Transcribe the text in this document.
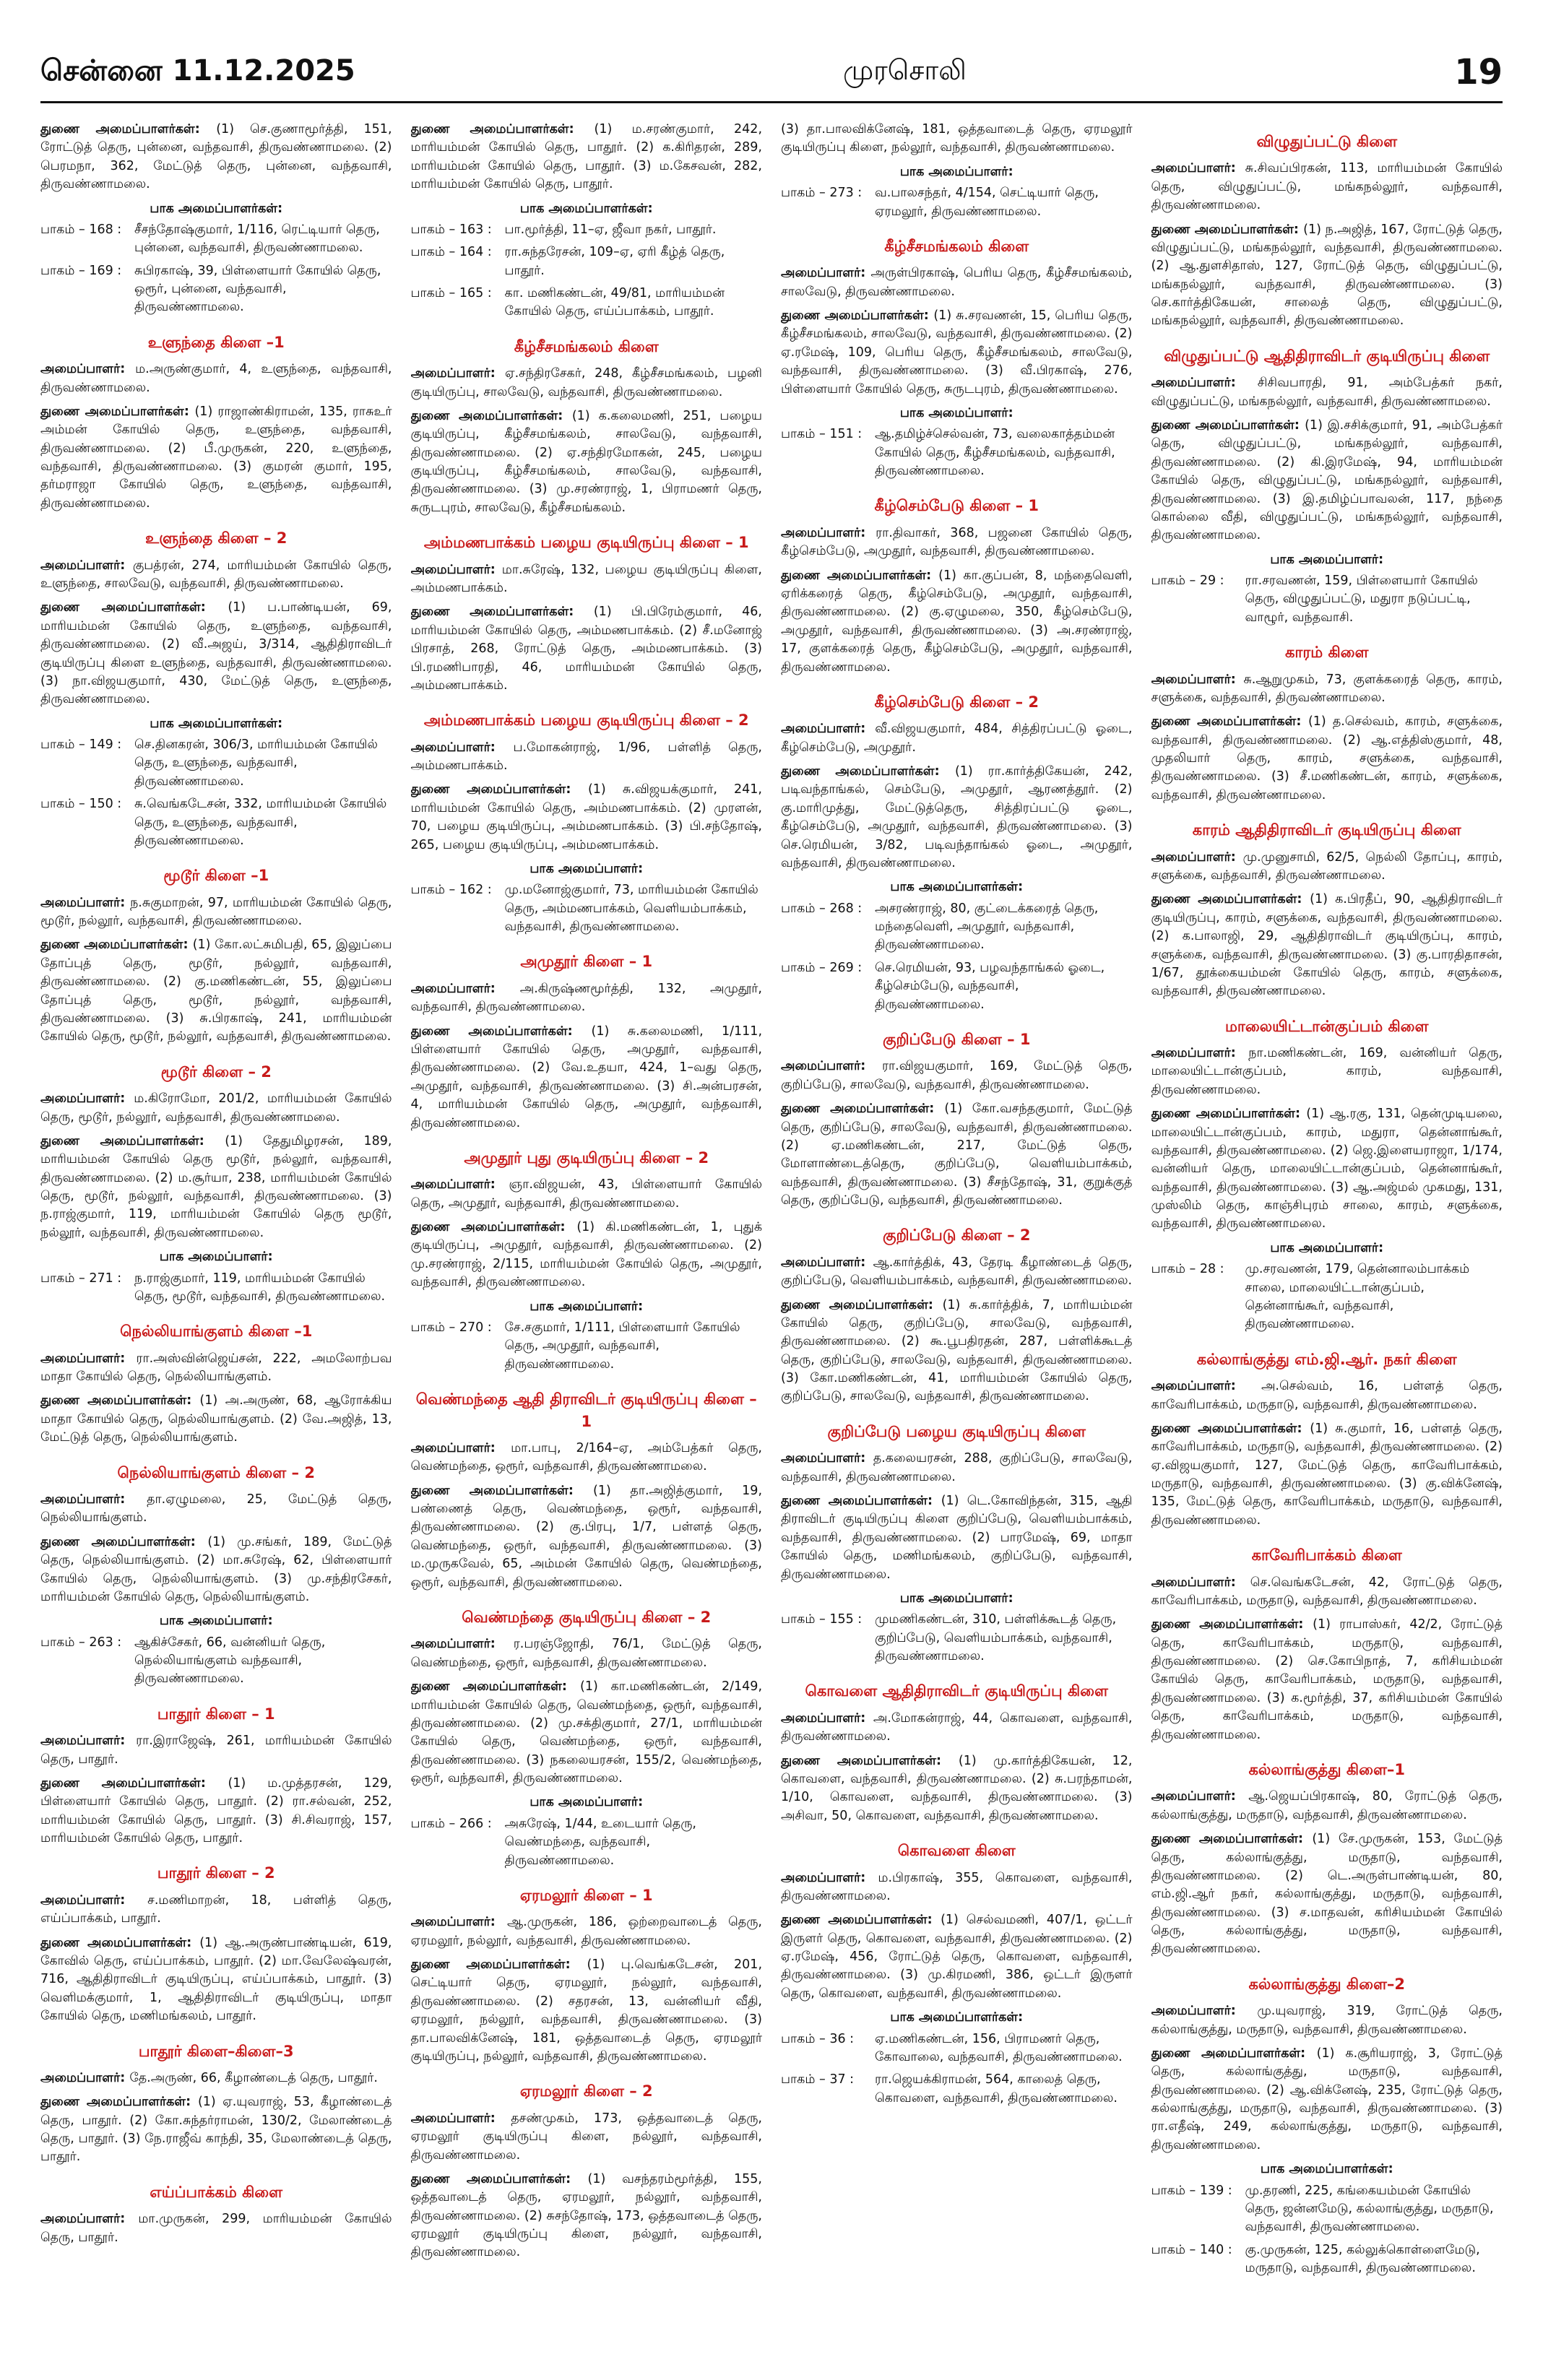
சென்னை 11.12.2025	முரசொலி	19

துணை அமைப்பாளர்கள்: (1) செ.குணாமூர்த்தி, 151, ரோட்டுத் தெரு, புன்னை, வந்தவாசி, திருவண்ணாமலை. (2) பெரமநா, 362, மேட்டுத் தெரு, புன்னை, வந்தவாசி, திருவண்ணாமலை.

பாக அமைப்பாளர்கள்:
பாகம் – 168 :	சீசந்தோஷ்குமார், 1/116, ரெட்டியார் தெரு, புன்னை, வந்தவாசி, திருவண்ணாமலை.
பாகம் – 169 :	சுபிரகாஷ், 39, பிள்ளையார் கோயில் தெரு, ஒரூர், புன்னை, வந்தவாசி, திருவண்ணாமலை.
உளுந்தை கிளை –1

அமைப்பாளர்: ம.அருண்குமார், 4, உளுந்தை, வந்தவாசி, திருவண்ணாமலை.

துணை அமைப்பாளர்கள்: (1) ராஜாண்கிராமன், 135, ராசுஉர் அம்மன் கோயில் தெரு, உளுந்தை, வந்தவாசி, திருவண்ணாமலை. (2) பீ.முருகன், 220, உளுந்தை, வந்தவாசி, திருவண்ணாமலை. (3) குமரன் குமார், 195, தர்மராஜா கோயில் தெரு, உளுந்தை, வந்தவாசி, திருவண்ணாமலை.

உளுந்தை கிளை – 2

அமைப்பாளர்: குபத்ரன், 274, மாரியம்மன் கோயில் தெரு, உளுந்தை, சாலவேடு, வந்தவாசி, திருவண்ணாமலை.

துணை அமைப்பாளர்கள்: (1) ப.பாண்டியன், 69, மாரியம்மன் கோயில் தெரு, உளுந்தை, வந்தவாசி, திருவண்ணாமலை. (2) வீ.அஜய், 3/314, ஆதிதிராவிடர் குடியிருப்பு கிளை உளுந்தை, வந்தவாசி, திருவண்ணாமலை. (3) நா.விஜயகுமார், 430, மேட்டுத் தெரு, உளுந்தை, திருவண்ணாமலை.

பாக அமைப்பாளர்கள்:
பாகம் – 149 :	செ.தினகரன், 306/3, மாரியம்மன் கோயில் தெரு, உளுந்தை, வந்தவாசி, திருவண்ணாமலை.
பாகம் – 150 :	சு.வெங்கடேசன், 332, மாரியம்மன் கோயில் தெரு, உளுந்தை, வந்தவாசி, திருவண்ணாமலை.
மூடூர் கிளை –1

அமைப்பாளர்: ந.சுகுமாறன், 97, மாரியம்மன் கோயில் தெரு, மூடூர், நல்லூர், வந்தவாசி, திருவண்ணாமலை.

துணை அமைப்பாளர்கள்: (1) கோ.லட்சுமிபதி, 65, இலுப்பை தோப்புத் தெரு, மூடூர், நல்லூர், வந்தவாசி, திருவண்ணாமலை. (2) கு.மணிகண்டன், 55, இலுப்பை தோப்புத் தெரு, மூடூர், நல்லூர், வந்தவாசி, திருவண்ணாமலை. (3) சு.பிரகாஷ், 241, மாரியம்மன் கோயில் தெரு, மூடூர், நல்லூர், வந்தவாசி, திருவண்ணாமலை.

மூடூர் கிளை – 2

அமைப்பாளர்: ம.கிரோமோ, 201/2, மாரியம்மன் கோயில் தெரு, மூடூர், நல்லூர், வந்தவாசி, திருவண்ணாமலை.

துணை அமைப்பாளர்கள்: (1) தேதுமிழரசன், 189, மாரியம்மன் கோயில் தெரு மூடூர், நல்லூர், வந்தவாசி, திருவண்ணாமலை. (2) ம.சூர்யா, 238, மாரியம்மன் கோயில் தெரு, மூடூர், நல்லூர், வந்தவாசி, திருவண்ணாமலை. (3) ந.ராஜ்குமார், 119, மாரியம்மன் கோயில் தெரு மூடூர், நல்லூர், வந்தவாசி, திருவண்ணாமலை.

பாக அமைப்பாளர்:
பாகம் – 271 :	ந.ராஜ்குமார், 119, மாரியம்மன் கோயில் தெரு, மூடூர், வந்தவாசி, திருவண்ணாமலை.
நெல்லியாங்குளம் கிளை –1

அமைப்பாளர்: ரா.அஸ்வின்ஜெய்சன், 222, அமலோற்பவ மாதா கோயில் தெரு, நெல்லியாங்குளம்.

துணை அமைப்பாளர்கள்: (1) அ.அருண், 68, ஆரோக்கிய மாதா கோயில் தெரு, நெல்லியாங்குளம். (2) வே.அஜித், 13, மேட்டுத் தெரு, நெல்லியாங்குளம்.

நெல்லியாங்குளம் கிளை – 2

அமைப்பாளர்: தா.ஏழுமலை, 25, மேட்டுத் தெரு, நெல்லியாங்குளம்.

துணை அமைப்பாளர்கள்: (1) மு.சங்கர், 189, மேட்டுத் தெரு, நெல்லியாங்குளம். (2) மா.சுரேஷ், 62, பிள்ளையார் கோயில் தெரு, நெல்லியாங்குளம். (3) மு.சந்திரசேகர், மாரியம்மன் கோயில் தெரு, நெல்லியாங்குளம்.

பாக அமைப்பாளர்:
பாகம் – 263 :	ஆகிச்சேகர், 66, வன்னியர் தெரு, நெல்லியாங்குளம் வந்தவாசி, திருவண்ணாமலை.
பாதூர் கிளை – 1

அமைப்பாளர்: ரா.இராஜேஷ், 261, மாரியம்மன் கோயில் தெரு, பாதூர்.

துணை அமைப்பாளர்கள்: (1) ம.முத்தரசன், 129, பிள்ளையார் கோயில் தெரு, பாதூர். (2) ரா.சல்வன், 252, மாரியம்மன் கோயில் தெரு, பாதூர். (3) சி.சிவராஜ், 157, மாரியம்மன் கோயில் தெரு, பாதூர்.

பாதூர் கிளை – 2

அமைப்பாளர்: ச.மணிமாறன், 18, பள்ளித் தெரு, எய்ப்பாக்கம், பாதூர்.

துணை அமைப்பாளர்கள்: (1) ஆ.அருண்பாண்டியன், 619, கோவில் தெரு, எய்ப்பாக்கம், பாதூர். (2) மா.வேலேஷ்வரன், 716, ஆதிதிராவிடர் குடியிருப்பு, எய்ப்பாக்கம், பாதூர். (3) வெளிமக்குமார், 1, ஆதிதிராவிடர் குடியிருப்பு, மாதா கோயில் தெரு, மணிமங்கலம், பாதூர்.

பாதூர் கிளை–கிளை–3

அமைப்பாளர்: தே.அருண், 66, கீழாண்டைத் தெரு, பாதூர்.

துணை அமைப்பாளர்கள்: (1) ஏ.யுவராஜ், 53, கீழாண்டைத் தெரு, பாதூர். (2) கோ.சுந்தர்ராமன், 130/2, மேலாண்டைத் தெரு, பாதூர். (3) நே.ராஜீவ் காந்தி, 35, மேலாண்டைத் தெரு, பாதூர்.

எய்ப்பாக்கம் கிளை

அமைப்பாளர்: மா.முருகன், 299, மாரியம்மன் கோயில் தெரு, பாதூர்.

துணை அமைப்பாளர்கள்: (1) ம.சரண்குமார், 242, மாரியம்மன் கோயில் தெரு, பாதூர். (2) க.கிரிதரன், 289, மாரியம்மன் கோயில் தெரு, பாதூர். (3) ம.கேசவன், 282, மாரியம்மன் கோயில் தெரு, பாதூர்.

பாக அமைப்பாளர்கள்:
பாகம் – 163 :	பா.மூர்த்தி, 11–ஏ, ஜீவா நகர், பாதூர்.
பாகம் – 164 :	ரா.சுந்தரேசன், 109–ஏ, ஏரி கீழ்த் தெரு, பாதூர்.
பாகம் – 165 :	கா. மணிகண்டன், 49/81, மாரியம்மன் கோயில் தெரு, எய்ப்பாக்கம், பாதூர்.
கீழ்சீசமங்கலம் கிளை

அமைப்பாளர்: ஏ.சந்திரசேகர், 248, கீழ்சீசமங்கலம், பழனி குடியிருப்பு, சாலவேடு, வந்தவாசி, திருவண்ணாமலை.

துணை அமைப்பாளர்கள்: (1) க.கலைமணி, 251, பழைய குடியிருப்பு, கீழ்சீசமங்கலம், சாலவேடு, வந்தவாசி, திருவண்ணாமலை. (2) ஏ.சந்திரமோகன், 245, பழைய குடியிருப்பு, கீழ்சீசமங்கலம், சாலவேடு, வந்தவாசி, திருவண்ணாமலை. (3) மு.சரண்ராஜ், 1, பிராமணர் தெரு, சுருடபுரம், சாலவேடு, கீழ்சீசமங்கலம்.

அம்மணபாக்கம் பழைய குடியிருப்பு கிளை – 1

அமைப்பாளர்: மா.சுரேஷ், 132, பழைய குடியிருப்பு கிளை, அம்மணபாக்கம்.

துணை அமைப்பாளர்கள்: (1) பி.பிரேம்குமார், 46, மாரியம்மன் கோயில் தெரு, அம்மணபாக்கம். (2) சீ.மனோஜ் பிரசாத், 268, ரோட்டுத் தெரு, அம்மணபாக்கம். (3) பி.ரமணிபாரதி, 46, மாரியம்மன் கோயில் தெரு, அம்மணபாக்கம்.

அம்மணபாக்கம் பழைய குடியிருப்பு கிளை – 2

அமைப்பாளர்: ப.மோகன்ராஜ், 1/96, பள்ளித் தெரு, அம்மணபாக்கம்.

துணை அமைப்பாளர்கள்: (1) சு.விஜயக்குமார், 241, மாரியம்மன் கோயில் தெரு, அம்மணபாக்கம். (2) முரளன், 70, பழைய குடியிருப்பு, அம்மணபாக்கம். (3) பி.சந்தோஷ், 265, பழைய குடியிருப்பு, அம்மணபாக்கம்.

பாக அமைப்பாளர்:
பாகம் – 162 :	மு.மனோஜ்குமார், 73, மாரியம்மன் கோயில் தெரு, அம்மணபாக்கம், வெளியம்பாக்கம், வந்தவாசி, திருவண்ணாமலை.
அமுதூர் கிளை – 1

அமைப்பாளர்: அ.கிருஷ்ணமூர்த்தி, 132, அமுதூர், வந்தவாசி, திருவண்ணாமலை.

துணை அமைப்பாளர்கள்: (1) சு.கலைமணி, 1/111, பிள்ளையார் கோயில் தெரு, அமுதூர், வந்தவாசி, திருவண்ணாமலை. (2) வே.உதயா, 424, 1–வது தெரு, அமுதூர், வந்தவாசி, திருவண்ணாமலை. (3) சி.அன்பரசன், 4, மாரியம்மன் கோயில் தெரு, அமுதூர், வந்தவாசி, திருவண்ணாமலை.

அமுதூர் புது குடியிருப்பு கிளை – 2

அமைப்பாளர்: ஞா.விஜயன், 43, பிள்ளையார் கோயில் தெரு, அமுதூர், வந்தவாசி, திருவண்ணாமலை.

துணை அமைப்பாளர்கள்: (1) கி.மணிகண்டன், 1, புதுக் குடியிருப்பு, அமுதூர், வந்தவாசி, திருவண்ணாமலை. (2) மு.சரண்ராஜ், 2/115, மாரியம்மன் கோயில் தெரு, அமுதூர், வந்தவாசி, திருவண்ணாமலை.

பாக அமைப்பாளர்:
பாகம் – 270 :	சே.சகுமார், 1/111, பிள்ளையார் கோயில் தெரு, அமுதூர், வந்தவாசி, திருவண்ணாமலை.
வெண்மந்தை ஆதி திராவிடர் குடியிருப்பு கிளை –1

அமைப்பாளர்: மா.பாபு, 2/164–ஏ, அம்பேத்கர் தெரு, வெண்மந்தை, ஒரூர், வந்தவாசி, திருவண்ணாமலை.

துணை அமைப்பாளர்கள்: (1) தா.அஜித்குமார், 19, பண்ணைத் தெரு, வெண்மந்தை, ஒரூர், வந்தவாசி, திருவண்ணாமலை. (2) கு.பிரபு, 1/7, பள்ளத் தெரு, வெண்மந்தை, ஒரூர், வந்தவாசி, திருவண்ணாமலை. (3) ம.முருகவேல், 65, அம்மன் கோயில் தெரு, வெண்மந்தை, ஒரூர், வந்தவாசி, திருவண்ணாமலை.

வெண்மந்தை குடியிருப்பு கிளை – 2

அமைப்பாளர்: ர.பரஞ்ஜோதி, 76/1, மேட்டுத் தெரு, வெண்மந்தை, ஒரூர், வந்தவாசி, திருவண்ணாமலை.

துணை அமைப்பாளர்கள்: (1) கா.மணிகண்டன், 2/149, மாரியம்மன் கோயில் தெரு, வெண்மந்தை, ஒரூர், வந்தவாசி, திருவண்ணாமலை. (2) மு.சக்திகுமார், 27/1, மாரியம்மன் கோயில் தெரு, வெண்மந்தை, ஒரூர், வந்தவாசி, திருவண்ணாமலை. (3) நகலையரசன், 155/2, வெண்மந்தை, ஒரூர், வந்தவாசி, திருவண்ணாமலை.

பாக அமைப்பாளர்:
பாகம் – 266 :	அசுரேஷ், 1/44, உடையார் தெரு, வெண்மந்தை, வந்தவாசி, திருவண்ணாமலை.
ஏரமலூர் கிளை – 1

அமைப்பாளர்: ஆ.முருகன், 186, ஒற்றைவாடைத் தெரு, ஏரமலூர், நல்லூர், வந்தவாசி, திருவண்ணாமலை.

துணை அமைப்பாளர்கள்: (1) பு.வெங்கடேசன், 201, செட்டியார் தெரு, ஏரமலூர், நல்லூர், வந்தவாசி, திருவண்ணாமலை. (2) சதரசன், 13, வன்னியர் வீதி, ஏரமலூர், நல்லூர், வந்தவாசி, திருவண்ணாமலை. (3) தா.பாலவிக்னேஷ், 181, ஒத்தவாடைத் தெரு, ஏரமலூர் குடியிருப்பு, நல்லூர், வந்தவாசி, திருவண்ணாமலை.

ஏரமலூர் கிளை – 2

அமைப்பாளர்: தசண்முகம், 173, ஒத்தவாடைத் தெரு, ஏரமலூர் குடியிருப்பு கிளை, நல்லூர், வந்தவாசி, திருவண்ணாமலை.

துணை அமைப்பாளர்கள்: (1) வசந்தரம்மூர்த்தி, 155, ஒத்தவாடைத் தெரு, ஏரமலூர், நல்லூர், வந்தவாசி, திருவண்ணாமலை. (2) சுசந்தோஷ், 173, ஒத்தவாடைத் தெரு, ஏரமலூர் குடியிருப்பு கிளை, நல்லூர், வந்தவாசி, திருவண்ணாமலை.

(3) தா.பாலவிக்னேஷ், 181, ஒத்தவாடைத் தெரு, ஏரமலூர் குடியிருப்பு கிளை, நல்லூர், வந்தவாசி, திருவண்ணாமலை.

பாக அமைப்பாளர்:
பாகம் – 273 :	வ.பாலசந்தர், 4/154, செட்டியார் தெரு, ஏரமலூர், திருவண்ணாமலை.
கீழ்சீசமங்கலம் கிளை

அமைப்பாளர்: அருள்பிரகாஷ், பெரிய தெரு, கீழ்சீசமங்கலம், சாலவேடு, திருவண்ணாமலை.

துணை அமைப்பாளர்கள்: (1) சு.சரவணன், 15, பெரிய தெரு, கீழ்சீசமங்கலம், சாலவேடு, வந்தவாசி, திருவண்ணாமலை. (2) ஏ.ரமேஷ், 109, பெரிய தெரு, கீழ்சீசமங்கலம், சாலவேடு, வந்தவாசி, திருவண்ணாமலை. (3) வீ.பிரகாஷ், 276, பிள்ளையார் கோயில் தெரு, சுருடபுரம், திருவண்ணாமலை.

பாக அமைப்பாளர்:
பாகம் – 151 :	ஆ.தமிழ்ச்செல்வன், 73, வலைகாத்தம்மன் கோயில் தெரு, கீழ்சீசமங்கலம், வந்தவாசி, திருவண்ணாமலை.
கீழ்செம்பேடு கிளை – 1

அமைப்பாளர்: ரா.திவாகர், 368, பஜனை கோயில் தெரு, கீழ்செம்பேடு, அமுதூர், வந்தவாசி, திருவண்ணாமலை.

துணை அமைப்பாளர்கள்: (1) கா.குப்பன், 8, மந்தைவெளி, ஏரிக்கரைத் தெரு, கீழ்செம்பேடு, அமுதூர், வந்தவாசி, திருவண்ணாமலை. (2) கு.ஏழுமலை, 350, கீழ்செம்பேடு, அமுதூர், வந்தவாசி, திருவண்ணாமலை. (3) அ.சரண்ராஜ், 17, குளக்கரைத் தெரு, கீழ்செம்பேடு, அமுதூர், வந்தவாசி, திருவண்ணாமலை.

கீழ்செம்பேடு கிளை – 2

அமைப்பாளர்: வீ.விஜயகுமார், 484, சித்திரப்பட்டு ஓடை, கீழ்செம்பேடு, அமுதூர்.

துணை அமைப்பாளர்கள்: (1) ரா.கார்த்திகேயன், 242, படிவந்தாங்கல், செம்பேடு, அமுதூர், ஆரணத்தூர். (2) கு.மாரிமுத்து, மேட்டுத்தெரு, சித்திரப்பட்டு ஓடை, கீழ்செம்பேடு, அமுதூர், வந்தவாசி, திருவண்ணாமலை. (3) செ.ரெமியன், 3/82, படிவந்தாங்கல் ஓடை, அமுதூர், வந்தவாசி, திருவண்ணாமலை.

பாக அமைப்பாளர்கள்:
பாகம் – 268 :	அசரண்ராஜ், 80, குட்டைக்கரைத் தெரு, மந்தைவெளி, அமுதூர், வந்தவாசி, திருவண்ணாமலை.
பாகம் – 269 :	செ.ரெமியன், 93, பழவந்தாங்கல் ஓடை, கீழ்செம்பேடு, வந்தவாசி, திருவண்ணாமலை.
குறிப்பேடு கிளை – 1

அமைப்பாளர்: ரா.விஜயகுமார், 169, மேட்டுத் தெரு, குறிப்பேடு, சாலவேடு, வந்தவாசி, திருவண்ணாமலை.

துணை அமைப்பாளர்கள்: (1) கோ.வசந்தகுமார், மேட்டுத் தெரு, குறிப்பேடு, சாலவேடு, வந்தவாசி, திருவண்ணாமலை. (2) ஏ.மணிகண்டன், 217, மேட்டுத் தெரு, மோளாண்டைத்தெரு, குறிப்பேடு, வெளியம்பாக்கம், வந்தவாசி, திருவண்ணாமலை. (3) சீசந்தோஷ், 31, குறுக்குத் தெரு, குறிப்பேடு, வந்தவாசி, திருவண்ணாமலை.

குறிப்பேடு கிளை – 2

அமைப்பாளர்: ஆ.கார்த்திக், 43, தேரடி கீழாண்டைத் தெரு, குறிப்பேடு, வெளியம்பாக்கம், வந்தவாசி, திருவண்ணாமலை.

துணை அமைப்பாளர்கள்: (1) சு.கார்த்திக், 7, மாரியம்மன் கோயில் தெரு, குறிப்பேடு, சாலவேடு, வந்தவாசி, திருவண்ணாமலை. (2) கூ.பூபதிரதன், 287, பள்ளிக்கூடத் தெரு, குறிப்பேடு, சாலவேடு, வந்தவாசி, திருவண்ணாமலை. (3) கோ.மணிகண்டன், 41, மாரியம்மன் கோயில் தெரு, குறிப்பேடு, சாலவேடு, வந்தவாசி, திருவண்ணாமலை.

குறிப்பேடு பழைய குடியிருப்பு கிளை

அமைப்பாளர்: த.கலையரசன், 288, குறிப்பேடு, சாலவேடு, வந்தவாசி, திருவண்ணாமலை.

துணை அமைப்பாளர்கள்: (1) டெ.கோவிந்தன், 315, ஆதி திராவிடர் குடியிருப்பு கிளை குறிப்பேடு, வெளியம்பாக்கம், வந்தவாசி, திருவண்ணாமலை. (2) பாரமேஷ், 69, மாதா கோயில் தெரு, மணிமங்கலம், குறிப்பேடு, வந்தவாசி, திருவண்ணாமலை.

பாக அமைப்பாளர்:
பாகம் – 155 :	முமணிகண்டன், 310, பள்ளிக்கூடத் தெரு, குறிப்பேடு, வெளியம்பாக்கம், வந்தவாசி, திருவண்ணாமலை.
கொவளை ஆதிதிராவிடர் குடியிருப்பு கிளை

அமைப்பாளர்: அ.மோகன்ராஜ், 44, கொவளை, வந்தவாசி, திருவண்ணாமலை.

துணை அமைப்பாளர்கள்: (1) மு.கார்த்திகேயன், 12, கொவளை, வந்தவாசி, திருவண்ணாமலை. (2) சு.பரந்தாமன், 1/10, கொவளை, வந்தவாசி, திருவண்ணாமலை. (3) அசிவா, 50, கொவளை, வந்தவாசி, திருவண்ணாமலை.

கொவளை கிளை

அமைப்பாளர்: ம.பிரகாஷ், 355, கொவளை, வந்தவாசி, திருவண்ணாமலை.

துணை அமைப்பாளர்கள்: (1) செல்வமணி, 407/1, ஒட்டர் இருளர் தெரு, கொவளை, வந்தவாசி, திருவண்ணாமலை. (2) ஏ.ரமேஷ், 456, ரோட்டுத் தெரு, கொவளை, வந்தவாசி, திருவண்ணாமலை. (3) மு.கிரமணி, 386, ஒட்டர் இருளர் தெரு, கொவளை, வந்தவாசி, திருவண்ணாமலை.

பாக அமைப்பாளர்கள்:
பாகம் – 36 :	ஏ.மணிகண்டன், 156, பிராமணர் தெரு, கோவாலை, வந்தவாசி, திருவண்ணாமலை.
பாகம் – 37 :	ரா.ஜெயக்கிராமன், 564, காலைத் தெரு, கொவளை, வந்தவாசி, திருவண்ணாமலை.
விழுதுப்பட்டு கிளை

அமைப்பாளர்: சு.சிவப்பிரகன், 113, மாரியம்மன் கோயில் தெரு, விழுதுப்பட்டு, மங்கநல்லூர், வந்தவாசி, திருவண்ணாமலை.

துணை அமைப்பாளர்கள்: (1) ந.அஜித், 167, ரோட்டுத் தெரு, விழுதுப்பட்டு, மங்கநல்லூர், வந்தவாசி, திருவண்ணாமலை. (2) ஆ.துளசிதாஸ், 127, ரோட்டுத் தெரு, விழுதுப்பட்டு, மங்கநல்லூர், வந்தவாசி, திருவண்ணாமலை. (3) செ.கார்த்திகேயன், சாலைத் தெரு, விழுதுப்பட்டு, மங்கநல்லூர், வந்தவாசி, திருவண்ணாமலை.

விழுதுப்பட்டு ஆதிதிராவிடர் குடியிருப்பு கிளை

அமைப்பாளர்: சிசிவபாரதி, 91, அம்பேத்கர் நகர், விழுதுப்பட்டு, மங்கநல்லூர், வந்தவாசி, திருவண்ணாமலை.

துணை அமைப்பாளர்கள்: (1) இ.சசிக்குமார், 91, அம்பேத்கர் தெரு, விழுதுப்பட்டு, மங்கநல்லூர், வந்தவாசி, திருவண்ணாமலை. (2) கி.இரமேஷ், 94, மாரியம்மன் கோயில் தெரு, விழுதுப்பட்டு, மங்கநல்லூர், வந்தவாசி, திருவண்ணாமலை. (3) இ.தமிழ்ப்பாவலன், 117, நந்தை கொல்லை வீதி, விழுதுப்பட்டு, மங்கநல்லூர், வந்தவாசி, திருவண்ணாமலை.

பாக அமைப்பாளர்:
பாகம் – 29 :	ரா.சரவணன், 159, பிள்ளையார் கோயில் தெரு, விழுதுப்பட்டு, மதுரா நடுப்பட்டி, வாழூர், வந்தவாசி.
காரம் கிளை

அமைப்பாளர்: சு.ஆறுமுகம், 73, குளக்கரைத் தெரு, காரம், சளுக்கை, வந்தவாசி, திருவண்ணாமலை.

துணை அமைப்பாளர்கள்: (1) த.செல்வம், காரம், சளுக்கை, வந்தவாசி, திருவண்ணாமலை. (2) ஆ.எத்திஸ்குமார், 48, முதலியார் தெரு, காரம், சளுக்கை, வந்தவாசி, திருவண்ணாமலை. (3) சீ.மணிகண்டன், காரம், சளுக்கை, வந்தவாசி, திருவண்ணாமலை.

காரம் ஆதிதிராவிடர் குடியிருப்பு கிளை

அமைப்பாளர்: மு.முனுசாமி, 62/5, நெல்லி தோப்பு, காரம், சளுக்கை, வந்தவாசி, திருவண்ணாமலை.

துணை அமைப்பாளர்கள்: (1) க.பிரதீப், 90, ஆதிதிராவிடர் குடியிருப்பு, காரம், சளுக்கை, வந்தவாசி, திருவண்ணாமலை. (2) க.பாலாஜி, 29, ஆதிதிராவிடர் குடியிருப்பு, காரம், சளுக்கை, வந்தவாசி, திருவண்ணாமலை. (3) கு.பாரதிதாசன், 1/67, தூக்கையம்மன் கோயில் தெரு, காரம், சளுக்கை, வந்தவாசி, திருவண்ணாமலை.

மாலையிட்டான்குப்பம் கிளை

அமைப்பாளர்: நா.மணிகண்டன், 169, வன்னியர் தெரு, மாலையிட்டான்குப்பம், காரம், வந்தவாசி, திருவண்ணாமலை.

துணை அமைப்பாளர்கள்: (1) ஆ.ரகு, 131, தென்முடியலை, மாலையிட்டான்குப்பம், காரம், மதுரா, தென்னாங்கூர், வந்தவாசி, திருவண்ணாமலை. (2) ஜெ.இளையராஜா, 1/174, வன்னியர் தெரு, மாலையிட்டான்குப்பம், தென்னாங்கூர், வந்தவாசி, திருவண்ணாமலை. (3) ஆ.அஜ்மல் முகமது, 131, முஸ்லிம் தெரு, காஞ்சிபுரம் சாலை, காரம், சளுக்கை, வந்தவாசி, திருவண்ணாமலை.

பாக அமைப்பாளர்:
பாகம் – 28 :	மு.சரவணன், 179, தென்னாலம்பாக்கம் சாலை, மாலையிட்டான்குப்பம், தென்னாங்கூர், வந்தவாசி, திருவண்ணாமலை.
கல்லாங்குத்து எம்.ஜி.ஆர். நகர் கிளை

அமைப்பாளர்: அ.செல்வம், 16, பள்ளத் தெரு, காவேரிபாக்கம், மருதாடு, வந்தவாசி, திருவண்ணாமலை.

துணை அமைப்பாளர்கள்: (1) சு.குமார், 16, பள்ளத் தெரு, காவேரிபாக்கம், மருதாடு, வந்தவாசி, திருவண்ணாமலை. (2) ஏ.விஜயகுமார், 127, மேட்டுத் தெரு, காவேரிபாக்கம், மருதாடு, வந்தவாசி, திருவண்ணாமலை. (3) கு.விக்னேஷ், 135, மேட்டுத் தெரு, காவேரிபாக்கம், மருதாடு, வந்தவாசி, திருவண்ணாமலை.

காவேரிபாக்கம் கிளை

அமைப்பாளர்: செ.வெங்கடேசன், 42, ரோட்டுத் தெரு, காவேரிபாக்கம், மருதாடு, வந்தவாசி, திருவண்ணாமலை.

துணை அமைப்பாளர்கள்: (1) ராபாஸ்கர், 42/2, ரோட்டுத் தெரு, காவேரிபாக்கம், மருதாடு, வந்தவாசி, திருவண்ணாமலை. (2) செ.கோபிநாத், 7, கரிசியம்மன் கோயில் தெரு, காவேரிபாக்கம், மருதாடு, வந்தவாசி, திருவண்ணாமலை. (3) க.மூர்த்தி, 37, கரிசியம்மன் கோயில் தெரு, காவேரிபாக்கம், மருதாடு, வந்தவாசி, திருவண்ணாமலை.

கல்லாங்குத்து கிளை–1

அமைப்பாளர்: ஆ.ஜெயப்பிரகாஷ், 80, ரோட்டுத் தெரு, கல்லாங்குத்து, மருதாடு, வந்தவாசி, திருவண்ணாமலை.

துணை அமைப்பாளர்கள்: (1) சே.முருகன், 153, மேட்டுத் தெரு, கல்லாங்குத்து, மருதாடு, வந்தவாசி, திருவண்ணாமலை. (2) டெ.அருள்பாண்டியன், 80, எம்.ஜி.ஆர் நகர், கல்லாங்குத்து, மருதாடு, வந்தவாசி, திருவண்ணாமலை. (3) ச.மாதவன், கரிசியம்மன் கோயில் தெரு, கல்லாங்குத்து, மருதாடு, வந்தவாசி, திருவண்ணாமலை.

கல்லாங்குத்து கிளை–2

அமைப்பாளர்: மு.யுவராஜ், 319, ரோட்டுத் தெரு, கல்லாங்குத்து, மருதாடு, வந்தவாசி, திருவண்ணாமலை.

துணை அமைப்பாளர்கள்: (1) க.சூரியராஜ், 3, ரோட்டுத் தெரு, கல்லாங்குத்து, மருதாடு, வந்தவாசி, திருவண்ணாமலை. (2) ஆ.விக்னேஷ், 235, ரோட்டுத் தெரு, கல்லாங்குத்து, மருதாடு, வந்தவாசி, திருவண்ணாமலை. (3) ரா.எதீஷ், 249, கல்லாங்குத்து, மருதாடு, வந்தவாசி, திருவண்ணாமலை.

பாக அமைப்பாளர்கள்:
பாகம் – 139 :	மு.தரணி, 225, கங்கையம்மன் கோயில் தெரு, ஜன்னமேடு, கல்லாங்குத்து, மருதாடு, வந்தவாசி, திருவண்ணாமலை.
பாகம் – 140 :	கு.முருகன், 125, கல்லுக்கொள்ளைமேடு, மருதாடு, வந்தவாசி, திருவண்ணாமலை.
